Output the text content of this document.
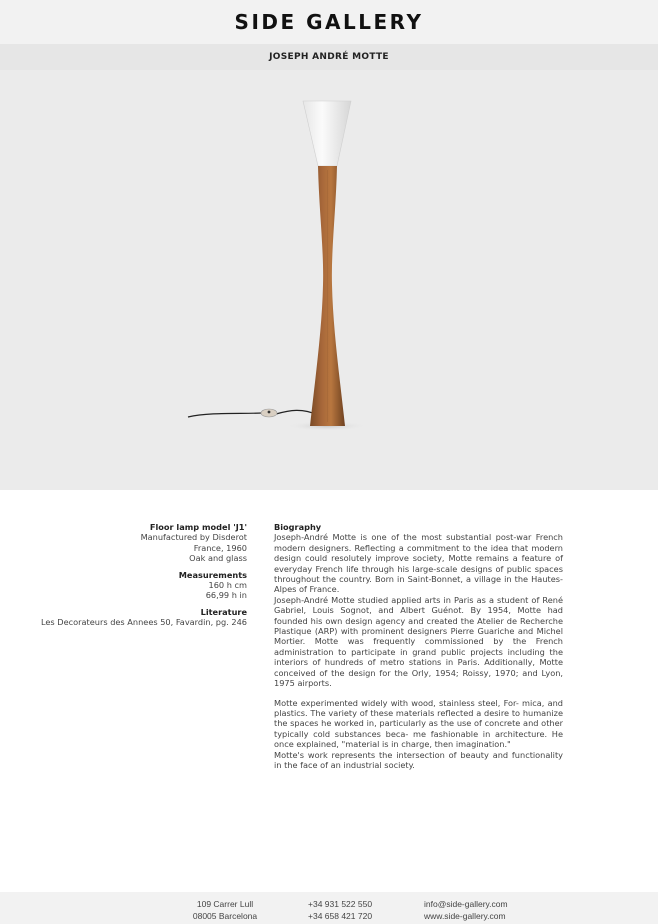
SIDE GALLERY
JOSEPH ANDRÉ MOTTE
Floor lamp model 'J1'
Manufactured by Disderot
France, 1960
Oak and glass
Measurements
160 h cm
66,99 h in
Literature
Les Decorateurs des Annees 50, Favardin, pg. 246
Biography

Joseph-André Motte is one of the most substantial post-war French modern designers. Reflecting a commitment to the idea that modern design could resolutely improve society, Motte remains a feature of everyday French life through his large-scale designs of public spaces throughout the country. Born in Saint-Bonnet, a village in the Hautes-Alpes of France.

Joseph-André Motte studied applied arts in Paris as a student of René Gabriel, Louis Sognot, and Albert Guénot. By 1954, Motte had founded his own design agency and created the Atelier de Recherche Plastique (ARP) with prominent designers Pierre Guariche and Michel Mortier. Motte was frequently commissioned by the French administration to participate in grand public projects including the interiors of hundreds of metro stations in Paris. Additionally, Motte conceived of the design for the Orly, 1954; Roissy, 1970; and Lyon, 1975 airports.

Motte experimented widely with wood, stainless steel, For- mica, and plastics. The variety of these materials reflected a desire to humanize the spaces he worked in, particularly as the use of concrete and other typically cold substances beca- me fashionable in architecture. He once explained, "material is in charge, then imagination."

Motte's work represents the intersection of beauty and functionality in the face of an industrial society.

109 Carrer Lull
08005 Barcelona
+34 931 522 550
+34 658 421 720
info@side-gallery.com
www.side-gallery.com
